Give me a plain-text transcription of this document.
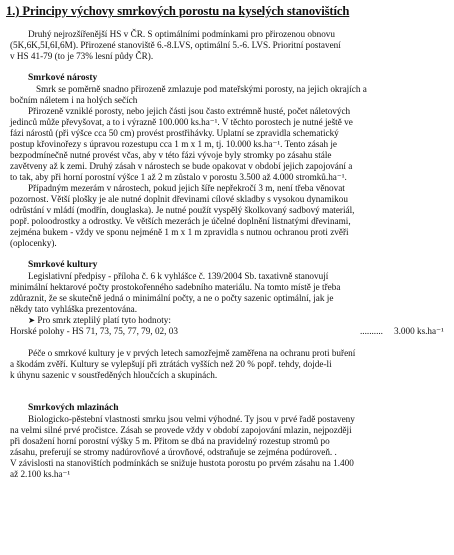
1.) Principy výchovy smrkových porostu na kyselých stanovištích

Druhý nejrozšířenější HS v ČR. S optimálními podmínkami pro přirozenou obnovu

(5K,6K,5I,6I,6M). Přirozené stanoviště 6.-8.LVS, optimální 5.-6. LVS. Prioritní postavení

v HS 41-79 (to je 73% lesní půdy ČR).

Smrkové nárosty

Smrk se poměrně snadno přirozeně zmlazuje pod mateřskými porosty, na jejich okrajích a

bočním náletem i na holých sečích

Přirozeně vzniklé porosty, nebo jejich části jsou často extrémně husté, počet náletových

jedinců může převyšovat, a to i výrazně 100.000 ks.ha⁻¹. V těchto porostech je nutné ještě ve

fázi nárostů (při výšce cca 50 cm) provést prostřihávky. Uplatní se zpravidla schematický

postup křovinořezy s úpravou rozestupu cca 1 m x 1 m, tj. 10.000 ks.ha⁻¹. Tento zásah je

bezpodmínečně nutné provést včas, aby v této fázi vývoje byly stromky po zásahu stále

zavětveny až k zemi. Druhý zásah v nárostech se bude opakovat v období jejich zapojování a

to tak, aby při horní porostní výšce 1 až 2 m zůstalo v porostu 3.500 až 4.000 stromků.ha⁻¹.

Případným mezerám v nárostech, pokud jejich šíře nepřekročí 3 m, není třeba věnovat

pozornost. Větší plošky je ale nutné doplnit dřevinami cílové skladby s vysokou dynamikou

odrůstání v mládí (modřín, douglaska). Je nutné použít vyspělý školkovaný sadbový materiál,

popř. poloodrostky a odrostky. Ve větších mezerách je účelné doplnění listnatými dřevinami,

zejména bukem - vždy ve sponu nejméně 1 m x 1 m zpravidla s nutnou ochranou proti zvěři

(oplocenky).

Smrkové kultury

Legislativní předpisy - příloha č. 6 k vyhlášce č. 139/2004 Sb. taxativně stanovují

minimální hektarové počty prostokořenného sadebního materiálu. Na tomto místě je třeba

zdůraznit, že se skutečně jedná o minimální počty, a ne o počty sazenic optimální, jak je

někdy tato vyhláška prezentována.

➤ Pro smrk zteplilý platí tyto hodnoty:

Horské polohy - HS 71, 73, 75, 77, 79, 02, 03	.......... 3.000 ks.ha⁻¹

Péče o smrkové kultury je v prvých letech samozřejmě zaměřena na ochranu proti buření

a škodám zvěří. Kultury se vylepšují při ztrátách vyšších než 20 % popř. tehdy, dojde-li

k úhynu sazenic v soustředěných hloučcích a skupinách.

Smrkových mlazinách

Biologicko-pěstební vlastnosti smrku jsou velmi výhodné. Ty jsou v prvé řadě postaveny

na velmi silné prvé pročistce. Zásah se provede vždy v období zapojování mlazin, nejpozději

při dosažení horní porostní výšky 5 m. Přitom se dbá na pravidelný rozestup stromů po

zásahu, preferují se stromy nadúrovňové a úrovňové, odstraňuje se zejména podúroveň. .

V závislosti na stanovištích podmínkách se snižuje hustota porostu po prvém zásahu na 1.400

až 2.100 ks.ha⁻¹
